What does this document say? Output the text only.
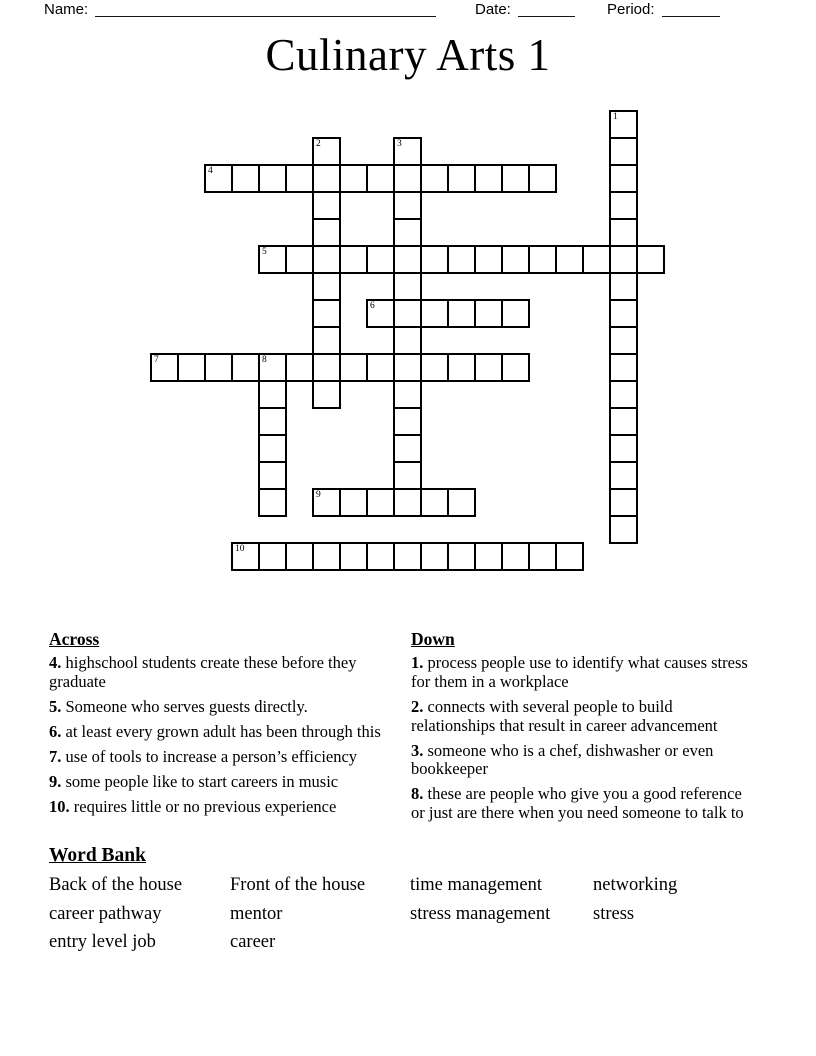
Name:	Date:	Period:
Culinary Arts 1
1
2	3
4
5
6
7	8
9
10
Across

4. highschool students create these before they graduate

5. Someone who serves guests directly.

6. at least every grown adult has been through this

7. use of tools to increase a person’s efficiency

9. some people like to start careers in music

10. requires little or no previous experience

Down

1. process people use to identify what causes stress for them in a workplace

2. connects with several people to build relationships that result in career advancement

3. someone who is a chef, dishwasher or even bookkeeper

8. these are people who give you a good reference or just are there when you need someone to talk to

Word Bank
Back of the house	Front of the house	time management	networking
career pathway	mentor	stress management	stress
entry level job	career
